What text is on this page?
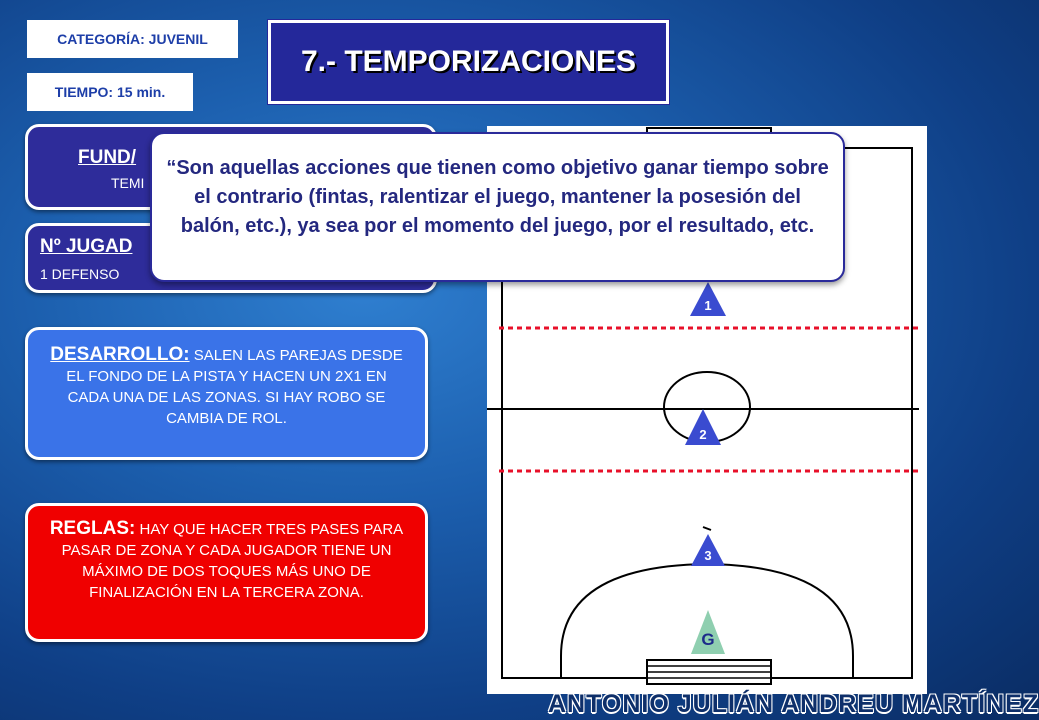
CATEGORÍA: JUVENIL
TIEMPO: 15 min.
7.- TEMPORIZACIONES
FUND/
TEMI
Nº JUGAD
1 DEFENSO
DESARROLLO: SALEN LAS PAREJAS DESDE EL FONDO DE LA PISTA Y HACEN UN 2X1 EN CADA UNA DE LAS ZONAS. SI HAY ROBO SE CAMBIA DE ROL.
REGLAS: HAY QUE HACER TRES PASES PARA PASAR DE ZONA Y CADA JUGADOR TIENE UN MÁXIMO DE DOS TOQUES MÁS UNO DE FINALIZACIÓN EN LA TERCERA ZONA.
1
2
3
G
“Son aquellas acciones que tienen como objetivo ganar tiempo sobre el contrario (fintas, ralentizar el juego, mantener la posesión del balón, etc.), ya sea por el momento del juego, por el resultado, etc.
ANTONIO JULIÁN ANDREU MARTÍNEZ
